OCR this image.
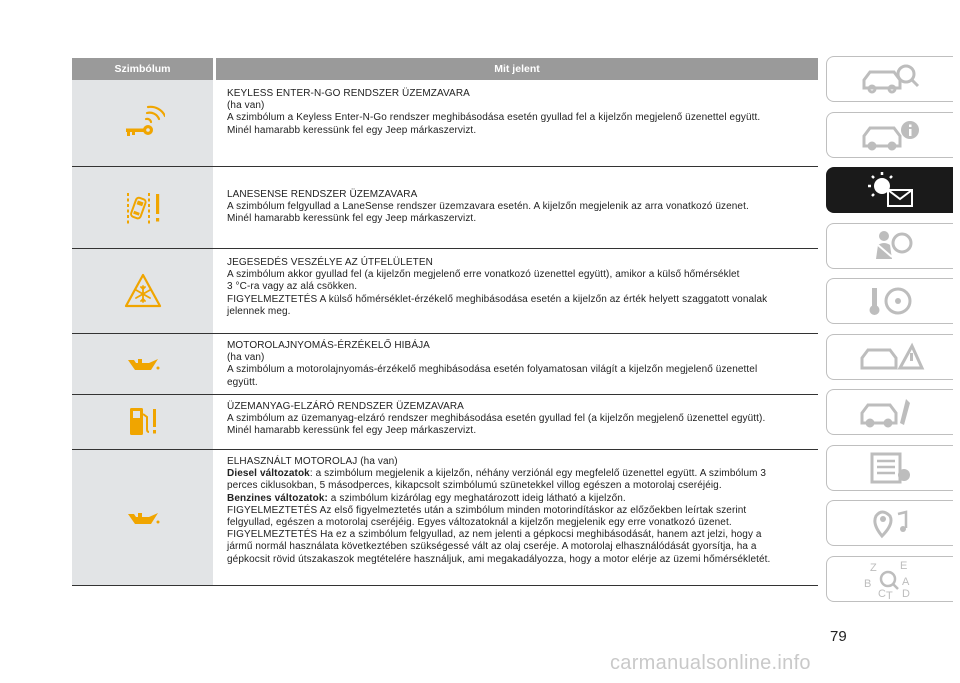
Szimbólum	Mit jelent
KEYLESS ENTER-N-GO RENDSZER ÜZEMZAVARA
(ha van)
A szimbólum a Keyless Enter-N-Go rendszer meghibásodása esetén gyullad fel a kijelzőn megjelenő üzenettel együtt.
Minél hamarabb keressünk fel egy Jeep márkaszervizt.
LANESENSE RENDSZER ÜZEMZAVARA
A szimbólum felgyullad a LaneSense rendszer üzemzavara esetén. A kijelzőn megjelenik az arra vonatkozó üzenet.
Minél hamarabb keressünk fel egy Jeep márkaszervizt.
JEGESEDÉS VESZÉLYE AZ ÚTFELÜLETEN
A szimbólum akkor gyullad fel (a kijelzőn megjelenő erre vonatkozó üzenettel együtt), amikor a külső hőmérséklet
3 °C-ra vagy az alá csökken.
FIGYELMEZTETÉS A külső hőmérséklet-érzékelő meghibásodása esetén a kijelzőn az érték helyett szaggatott vonalak
jelennek meg.
MOTOROLAJNYOMÁS-ÉRZÉKELŐ HIBÁJA
(ha van)
A szimbólum a motorolajnyomás-érzékelő meghibásodása esetén folyamatosan világít a kijelzőn megjelenő üzenettel
együtt.
ÜZEMANYAG-ELZÁRÓ RENDSZER ÜZEMZAVARA
A szimbólum az üzemanyag-elzáró rendszer meghibásodása esetén gyullad fel (a kijelzőn megjelenő üzenettel együtt).
Minél hamarabb keressünk fel egy Jeep márkaszervizt.
ELHASZNÁLT MOTOROLAJ (ha van)
Diesel változatok: a szimbólum megjelenik a kijelzőn, néhány verziónál egy megfelelő üzenettel együtt. A szimbólum 3
perces ciklusokban, 5 másodperces, kikapcsolt szimbólumú szünetekkel villog egészen a motorolaj cseréjéig.
Benzines változatok: a szimbólum kizárólag egy meghatározott ideig látható a kijelzőn.
FIGYELMEZTETÉS Az első figyelmeztetés után a szimbólum minden motorindításkor az előzőekben leírtak szerint
felgyullad, egészen a motorolaj cseréjéig. Egyes változatoknál a kijelzőn megjelenik egy erre vonatkozó üzenet.
FIGYELMEZTETÉS Ha ez a szimbólum felgyullad, az nem jelenti a gépkocsi meghibásodását, hanem azt jelzi, hogy a
jármű normál használata következtében szükségessé vált az olaj cseréje. A motorolaj elhasználódását gyorsítja, ha a
gépkocsit rövid útszakaszok megtételére használjuk, ami megakadályozza, hogy a motor elérje az üzemi hőmérsékletét.
Z E
B	A
C T D
79
carmanualsonline.info
